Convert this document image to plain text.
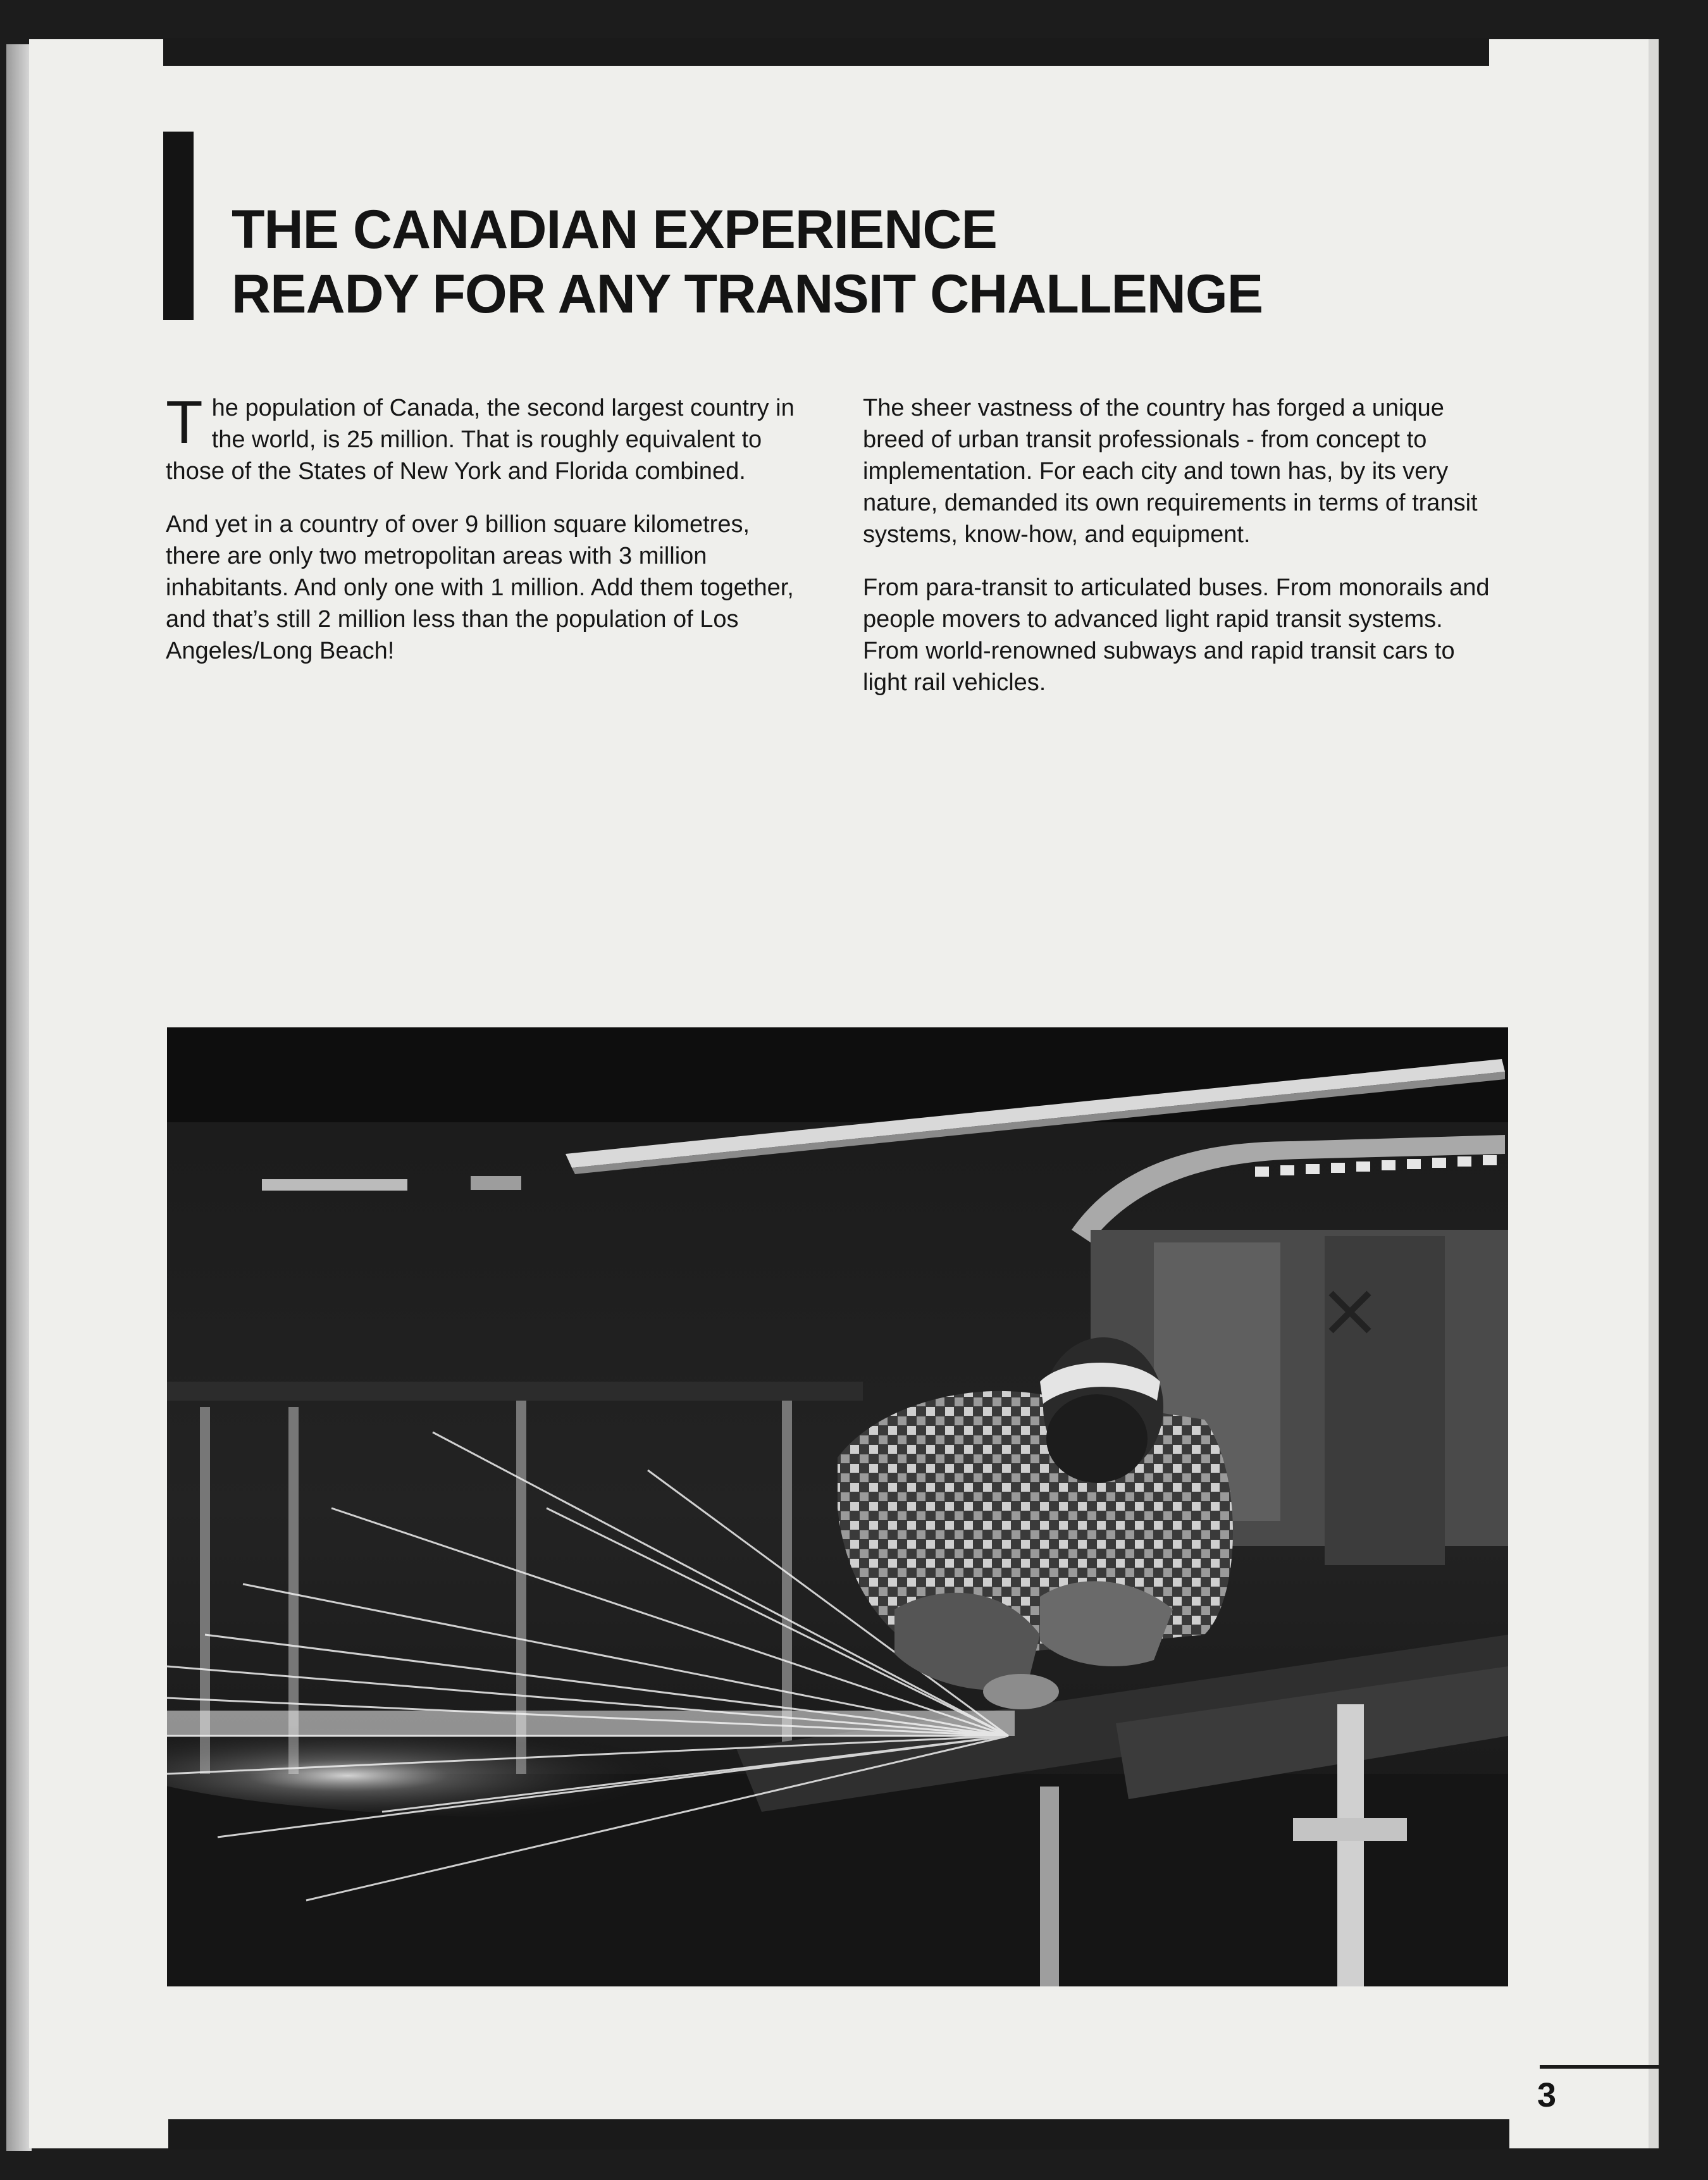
THE CANADIAN EXPERIENCE
READY FOR ANY TRANSIT CHALLENGE

The population of Canada, the second largest country in the world, is 25 million. That is roughly equivalent to those of the States of New York and Florida combined.

And yet in a country of over 9 billion square kilometres, there are only two metropolitan areas with 3 million inhabitants. And only one with 1 million. Add them together, and that’s still 2 million less than the population of Los Angeles/Long Beach!

The sheer vastness of the country has forged a unique breed of urban transit professionals - from concept to implementation. For each city and town has, by its very nature, demanded its own requirements in terms of transit systems, know-how, and equipment.

From para-transit to articulated buses. From monorails and people movers to advanced light rapid transit systems. From world-renowned subways and rapid transit cars to light rail vehicles.

3
